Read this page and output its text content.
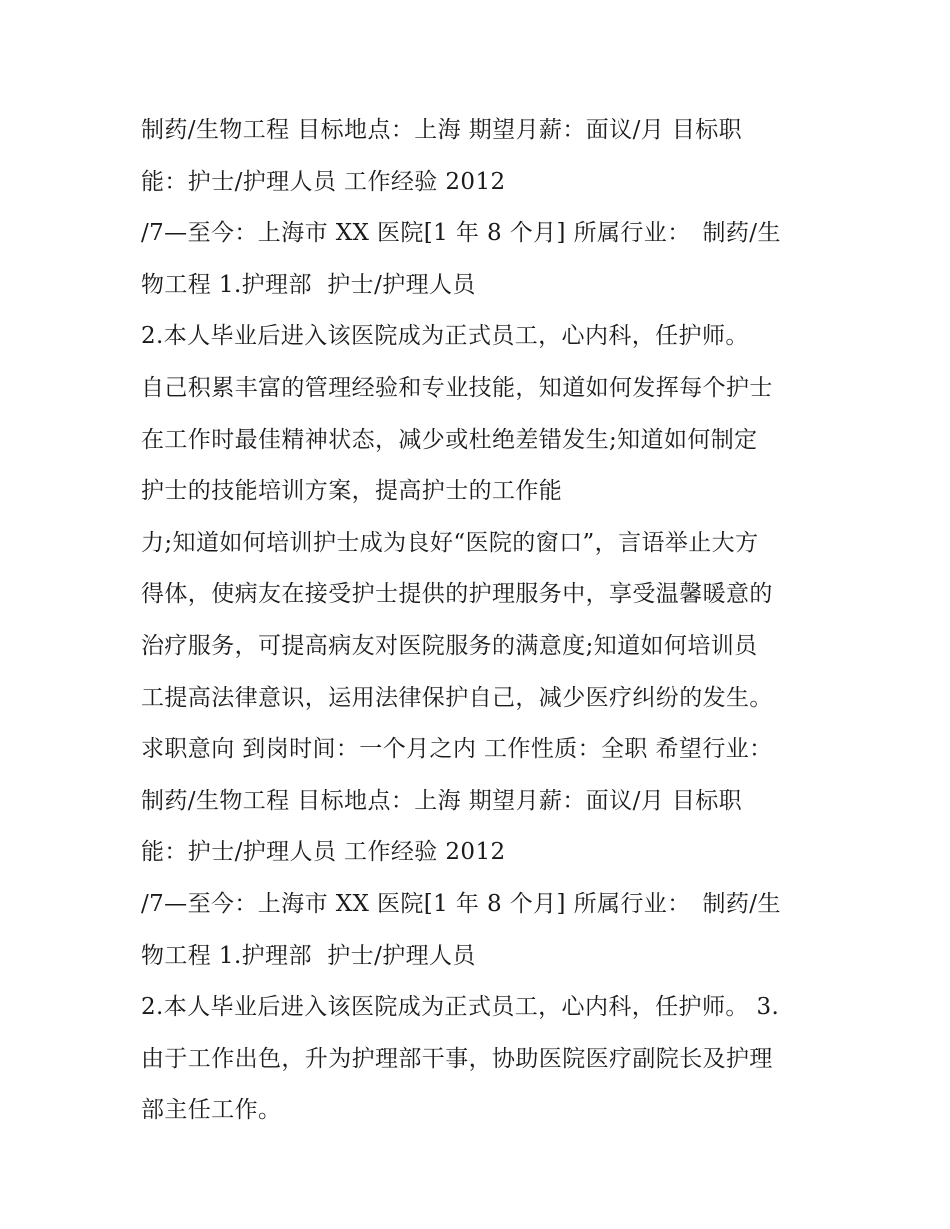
制药/生物工程 目标地点：上海 期望月薪：面议/月 目标职
能：护士/护理人员 工作经验 2012
/7—至今：上海市 XX 医院[1 年 8 个月] 所属行业：　制药/生
物工程 1.护理部  护士/护理人员
2.本人毕业后进入该医院成为正式员工，心内科，任护师。
自己积累丰富的管理经验和专业技能，知道如何发挥每个护士
在工作时最佳精神状态，减少或杜绝差错发生;知道如何制定
护士的技能培训方案，提高护士的工作能
力;知道如何培训护士成为良好“医院的窗口”，言语举止大方
得体，使病友在接受护士提供的护理服务中，享受温馨暖意的
治疗服务，可提高病友对医院服务的满意度;知道如何培训员
工提高法律意识，运用法律保护自己，减少医疗纠纷的发生。
求职意向 到岗时间：一个月之内 工作性质：全职 希望行业：
制药/生物工程 目标地点：上海 期望月薪：面议/月 目标职
能：护士/护理人员 工作经验 2012
/7—至今：上海市 XX 医院[1 年 8 个月] 所属行业：　制药/生
物工程 1.护理部  护士/护理人员
2.本人毕业后进入该医院成为正式员工，心内科，任护师。 3.
由于工作出色，升为护理部干事，协助医院医疗副院长及护理
部主任工作。
